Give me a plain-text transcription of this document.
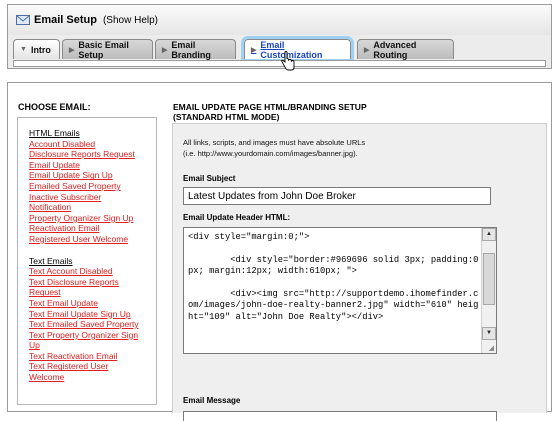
Email Setup (Show Help)
▼ Intro	▶
Basic Email Setup	▶
Email Branding	▶
Email Customization	▶
Advanced Routing
CHOOSE EMAIL:
HTML Emails
Account Disabled
Disclosure Reports Request
Email Update
Email Update Sign Up
Emailed Saved Property
Inactive Subscriber
Notification
Property Organizer Sign Up
Reactivation Email
Registered User Welcome
Text Emails
Text Account Disabled
Text Disclosure Reports
Request
Text Email Update
Text Email Update Sign Up
Text Emailed Saved Property
Text Property Organizer Sign
Up
Text Reactivation Email
Text Registered User
Welcome
EMAIL UPDATE PAGE HTML/BRANDING SETUP
(STANDARD HTML MODE)
All links, scripts, and images must have absolute URLs
(i.e. http://www.yourdomain.com/images/banner.jpg).
Email Subject
Latest Updates from John Doe Broker
Email Update Header HTML:
<div style="margin:0;">

<div style="border:#969696 solid 3px; padding:0px; margin:12px; width:610px; ">

<div><img src="http://supportdemo.ihomefinder.com/images/john-doe-realty-banner2.jpg" width="610" height="109" alt="John Doe Realty"></div>
▲
▼
◢
Email Message
